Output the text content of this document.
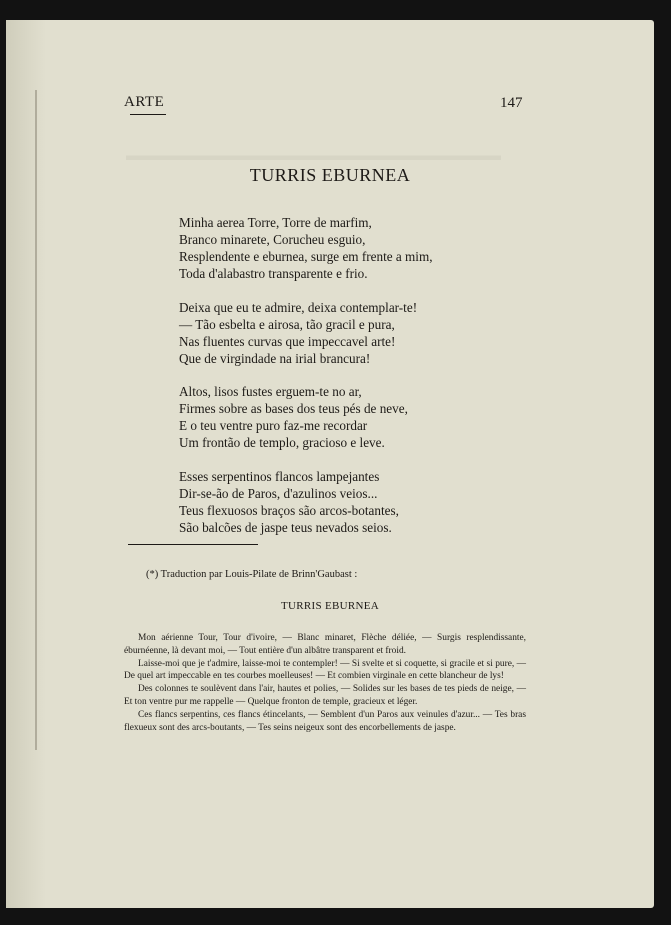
▬▬▬▬▬▬▬▬▬▬▬▬▬▬▬▬▬▬▬▬▬▬▬▬▬
ARTE	147
TURRIS EBURNEA
Minha aerea Torre, Torre de marfim,
Branco minarete, Corucheu esguio,
Resplendente e eburnea, surge em frente a mim,
Toda d'alabastro transparente e frio.
Deixa que eu te admire, deixa contemplar-te!
— Tão esbelta e airosa, tão gracil e pura,
Nas fluentes curvas que impeccavel arte!
Que de virgindade na irial brancura!
Altos, lisos fustes erguem-te no ar,
Firmes sobre as bases dos teus pés de neve,
E o teu ventre puro faz-me recordar
Um frontão de templo, gracioso e leve.
Esses serpentinos flancos lampejantes
Dir-se-ão de Paros, d'azulinos veios...
Teus flexuosos braços são arcos-botantes,
São balcões de jaspe teus nevados seios.
(*) Traduction par Louis-Pilate de Brinn'Gaubast :
TURRIS EBURNEA

Mon aérienne Tour, Tour d'ivoire, — Blanc minaret, Flèche déliée, — Surgis resplendissante, éburnéenne, là devant moi, — Tout entière d'un albâtre transparent et froid.

Laisse-moi que je t'admire, laisse-moi te contempler! — Si svelte et si coquette, si gracile et si pure, — De quel art impeccable en tes courbes moelleuses! — Et combien virginale en cette blancheur de lys!

Des colonnes te soulèvent dans l'air, hautes et polies, — Solides sur les bases de tes pieds de neige, — Et ton ventre pur me rappelle — Quelque fronton de temple, gracieux et léger.

Ces flancs serpentins, ces flancs étincelants, — Semblent d'un Paros aux veinules d'azur... — Tes bras flexueux sont des arcs-boutants, — Tes seins neigeux sont des encorbellements de jaspe.
